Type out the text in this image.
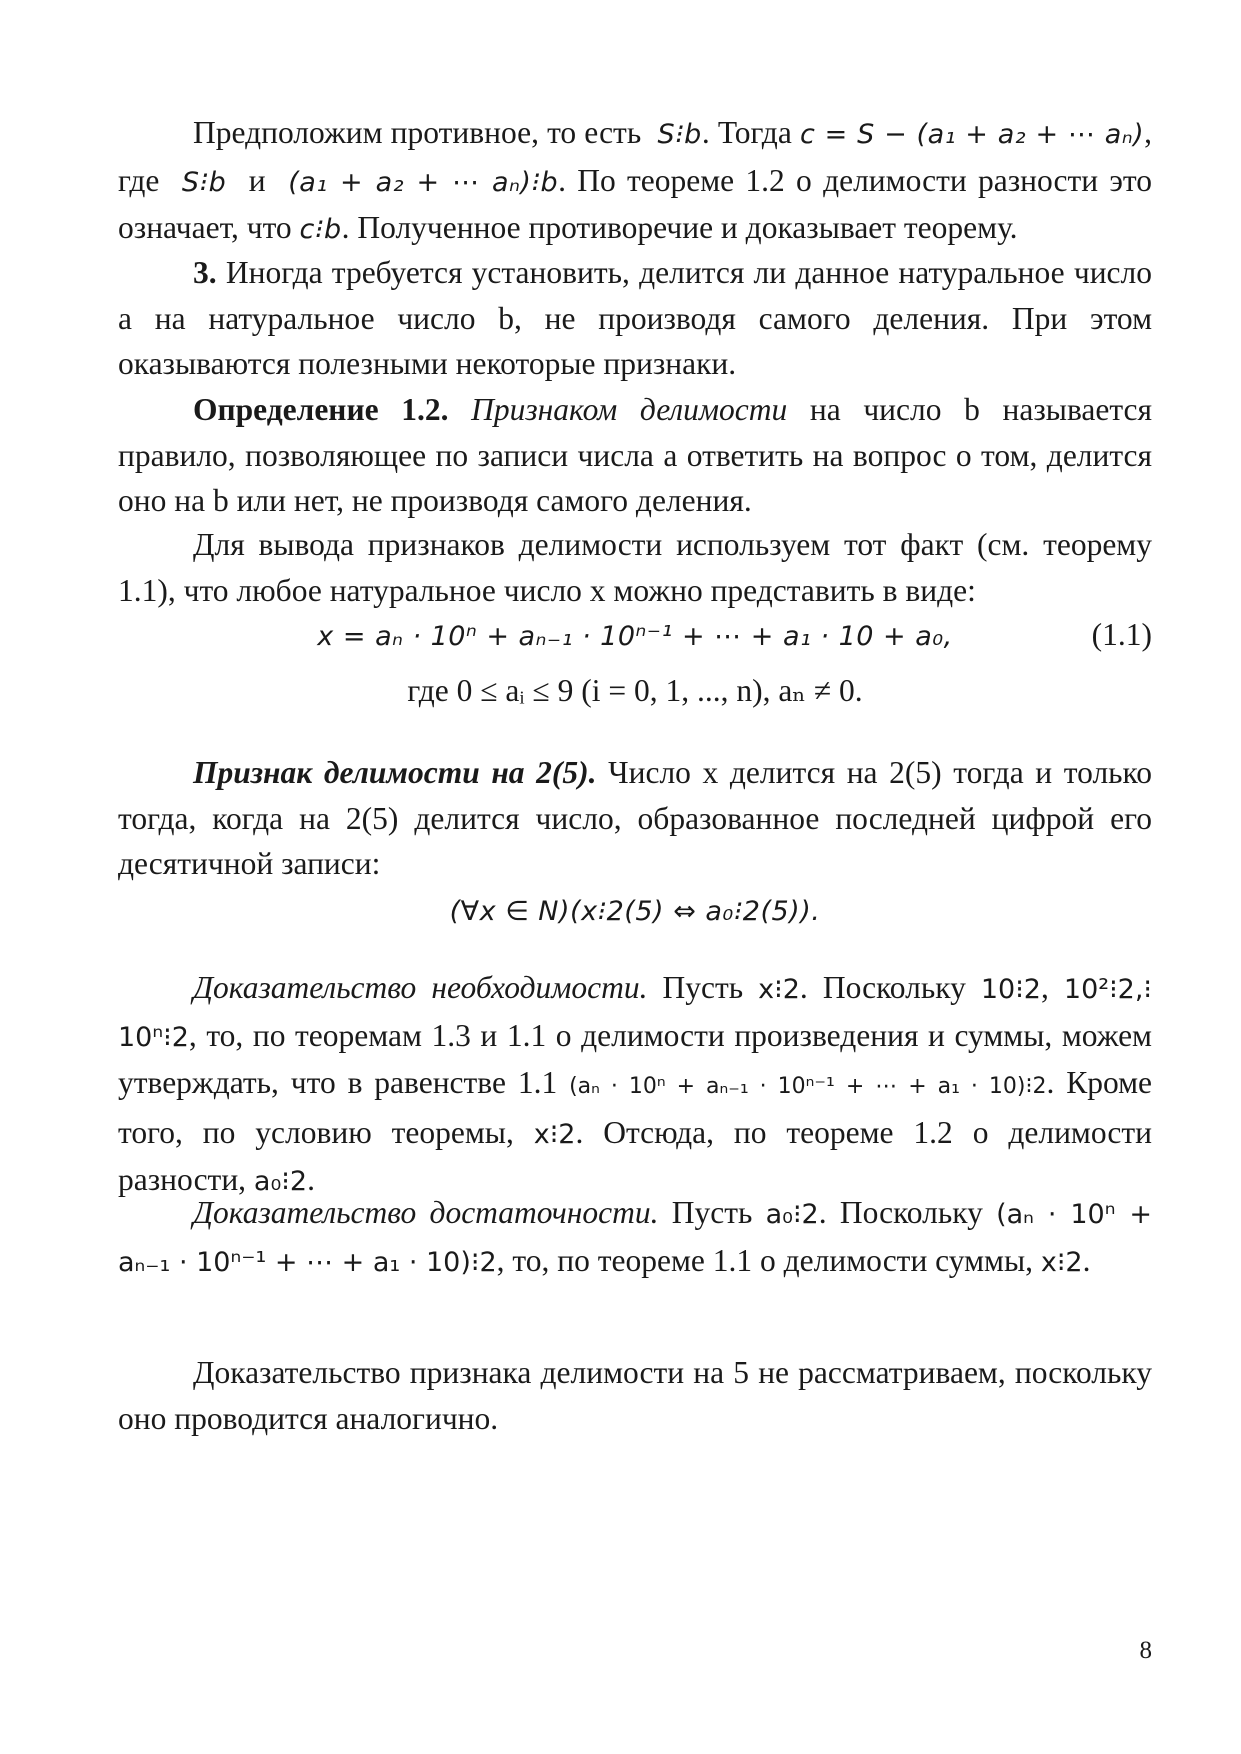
Предположим противное, то есть S⁝b. Тогда c = S − (a₁ + a₂ + ⋯ aₙ), где S⁝b и (a₁ + a₂ + ⋯ aₙ)⁝b. По теореме 1.2 о делимости разности это означает, что c⁝b. Полученное противоречие и доказывает теорему.

3. Иногда требуется установить, делится ли данное натуральное число a на натуральное число b, не производя самого деления. При этом оказываются полезными некоторые признаки.

Определение 1.2. Признаком делимости на число b называется правило, позволяющее по записи числа a ответить на вопрос о том, делится оно на b или нет, не производя самого деления.

Для вывода признаков делимости используем тот факт (см. теорему 1.1), что любое натуральное число x можно представить в виде:

x = aₙ · 10ⁿ + aₙ₋₁ · 10ⁿ⁻¹ + ⋯ + a₁ · 10 + a₀,	(1.1)
где 0 ≤ aᵢ ≤ 9 (i = 0, 1, ..., n), aₙ ≠ 0.

Признак делимости на 2(5). Число x делится на 2(5) тогда и только тогда, когда на 2(5) делится число, образованное последней цифрой его десятичной записи:

(∀x ∈ N)(x⁝2(5) ⇔ a₀⁝2(5)).

Доказательство необходимости. Пусть x⁝2. Поскольку 10⁝2, 10²⁝2,⁝10ⁿ⁝2, то, по теоремам 1.3 и 1.1 о делимости произведения и суммы, можем утверждать, что в равенстве 1.1 (aₙ · 10ⁿ + aₙ₋₁ · 10ⁿ⁻¹ + ⋯ + a₁ · 10)⁝2. Кроме того, по условию теоремы, x⁝2. Отсюда, по теореме 1.2 о делимости разности, a₀⁝2.

Доказательство достаточности. Пусть a₀⁝2. Поскольку (aₙ · 10ⁿ + aₙ₋₁ · 10ⁿ⁻¹ + ⋯ + a₁ · 10)⁝2, то, по теореме 1.1 о делимости суммы, x⁝2.

Доказательство признака делимости на 5 не рассматриваем, поскольку оно проводится аналогично.

8
